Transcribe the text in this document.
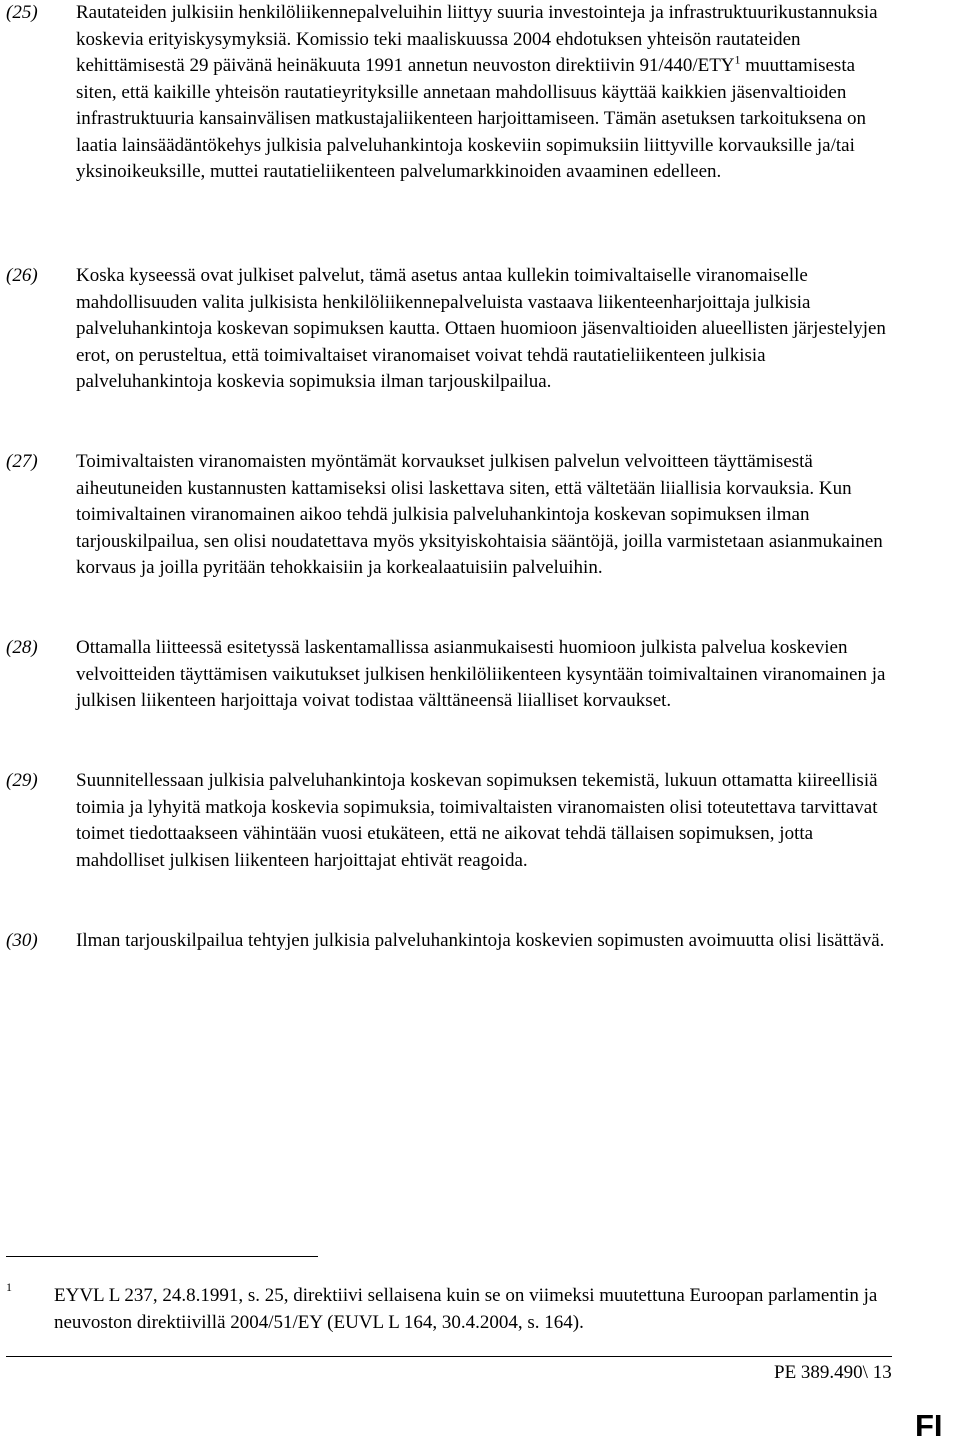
(25) Rautateiden julkisiin henkilöliikennepalveluihin liittyy suuria investointeja ja infrastruktuurikustannuksia koskevia erityiskysymyksiä. Komissio teki maaliskuussa 2004 ehdotuksen yhteisön rautateiden kehittämisestä 29 päivänä heinäkuuta 1991 annetun neuvoston direktiivin 91/440/ETY$^1$ muuttamisesta siten, että kaikille yhteisön rautatieyrityksille annetaan mahdollisuus käyttää kaikkien jäsenvaltioiden infrastruktuuria kansainvälisen matkustajaliikenteen harjoittamiseen. Tämän asetuksen tarkoituksena on laatia lainsäädäntökehys julkisia palveluhankintoja koskeviin sopimuksiin liittyville korvauksille ja/tai yksinoikeuksille, muttei rautatieliikenteen palvelumarkkinoiden avaaminen edelleen.
(26) Koska kyseessä ovat julkiset palvelut, tämä asetus antaa kullekin toimivaltaiselle viranomaiselle mahdollisuuden valita julkisista henkilöliikennepalveluista vastaava liikenteenharjoittaja julkisia palveluhankintoja koskevan sopimuksen kautta. Ottaen huomioon jäsenvaltioiden alueellisten järjestelyjen erot, on perusteltua, että toimivaltaiset viranomaiset voivat tehdä rautatieliikenteen julkisia palveluhankintoja koskevia sopimuksia ilman tarjouskilpailua.
(27) Toimivaltaisten viranomaisten myöntämät korvaukset julkisen palvelun velvoitteen täyttämisestä aiheutuneiden kustannusten kattamiseksi olisi laskettava siten, että vältetään liiallisia korvauksia. Kun toimivaltainen viranomainen aikoo tehdä julkisia palveluhankintoja koskevan sopimuksen ilman tarjouskilpailua, sen olisi noudatettava myös yksityiskohtaisia sääntöjä, joilla varmistetaan asianmukainen korvaus ja joilla pyritään tehokkaisiin ja korkealaatuisiin palveluihin.
(28) Ottamalla liitteessä esitetyssä laskentamallissa asianmukaisesti huomioon julkista palvelua koskevien velvoitteiden täyttämisen vaikutukset julkisen henkilöliikenteen kysyntään toimivaltainen viranomainen ja julkisen liikenteen harjoittaja voivat todistaa välttäneensä liialliset korvaukset.
(29) Suunnitellessaan julkisia palveluhankintoja koskevan sopimuksen tekemistä, lukuun ottamatta kiireellisiä toimia ja lyhyitä matkoja koskevia sopimuksia, toimivaltaisten viranomaisten olisi toteutettava tarvittavat toimet tiedottaakseen vähintään vuosi etukäteen, että ne aikovat tehdä tällaisen sopimuksen, jotta mahdolliset julkisen liikenteen harjoittajat ehtivät reagoida.
(30) Ilman tarjouskilpailua tehtyjen julkisia palveluhankintoja koskevien sopimusten avoimuutta olisi lisättävä.
1 EYVL L 237, 24.8.1991, s. 25, direktiivi sellaisena kuin se on viimeksi muutettuna Euroopan parlamentin ja neuvoston direktiivillä 2004/51/EY (EUVL L 164, 30.4.2004, s. 164).
PE 389.490\ 13
FI
